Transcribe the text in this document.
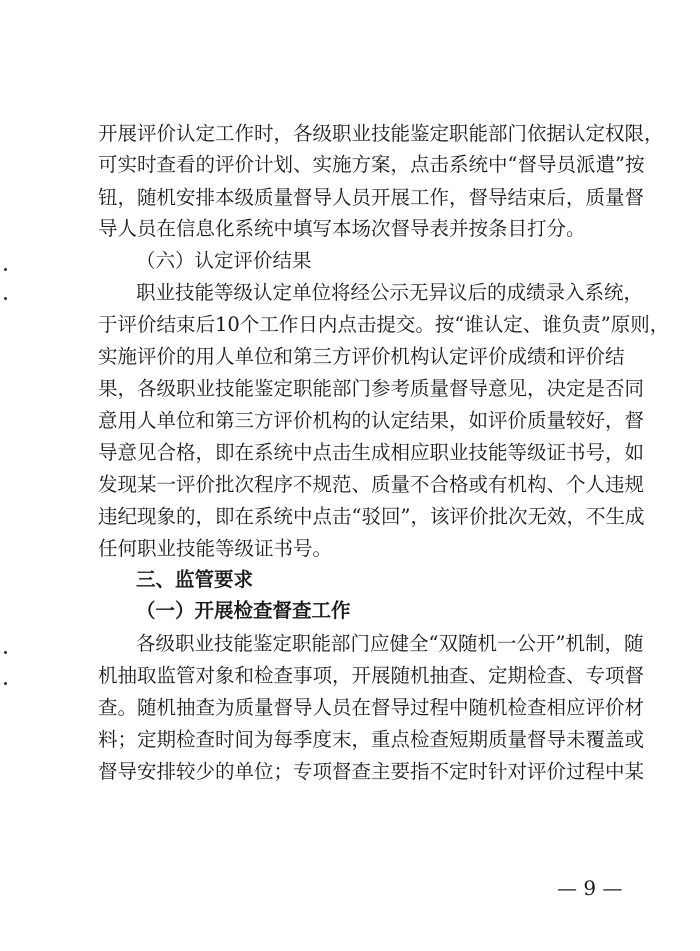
开展评价认定工作时，各级职业技能鉴定职能部门依据认定权限，
可实时查看的评价计划、实施方案，点击系统中“督导员派遣”按
钮，随机安排本级质量督导人员开展工作，督导结束后，质量督
导人员在信息化系统中填写本场次督导表并按条目打分。
（六）认定评价结果
职业技能等级认定单位将经公示无异议后的成绩录入系统，
于评价结束后10个工作日内点击提交。按“谁认定、谁负责”原则，
实施评价的用人单位和第三方评价机构认定评价成绩和评价结
果，各级职业技能鉴定职能部门参考质量督导意见，决定是否同
意用人单位和第三方评价机构的认定结果，如评价质量较好，督
导意见合格，即在系统中点击生成相应职业技能等级证书号，如
发现某一评价批次程序不规范、质量不合格或有机构、个人违规
违纪现象的，即在系统中点击“驳回”，该评价批次无效，不生成
任何职业技能等级证书号。
三、监管要求
（一）开展检查督查工作
各级职业技能鉴定职能部门应健全“双随机一公开”机制，随
机抽取监管对象和检查事项，开展随机抽查、定期检查、专项督
查。随机抽查为质量督导人员在督导过程中随机检查相应评价材
料；定期检查时间为每季度末，重点检查短期质量督导未覆盖或
督导安排较少的单位；专项督查主要指不定时针对评价过程中某
— 9 —
